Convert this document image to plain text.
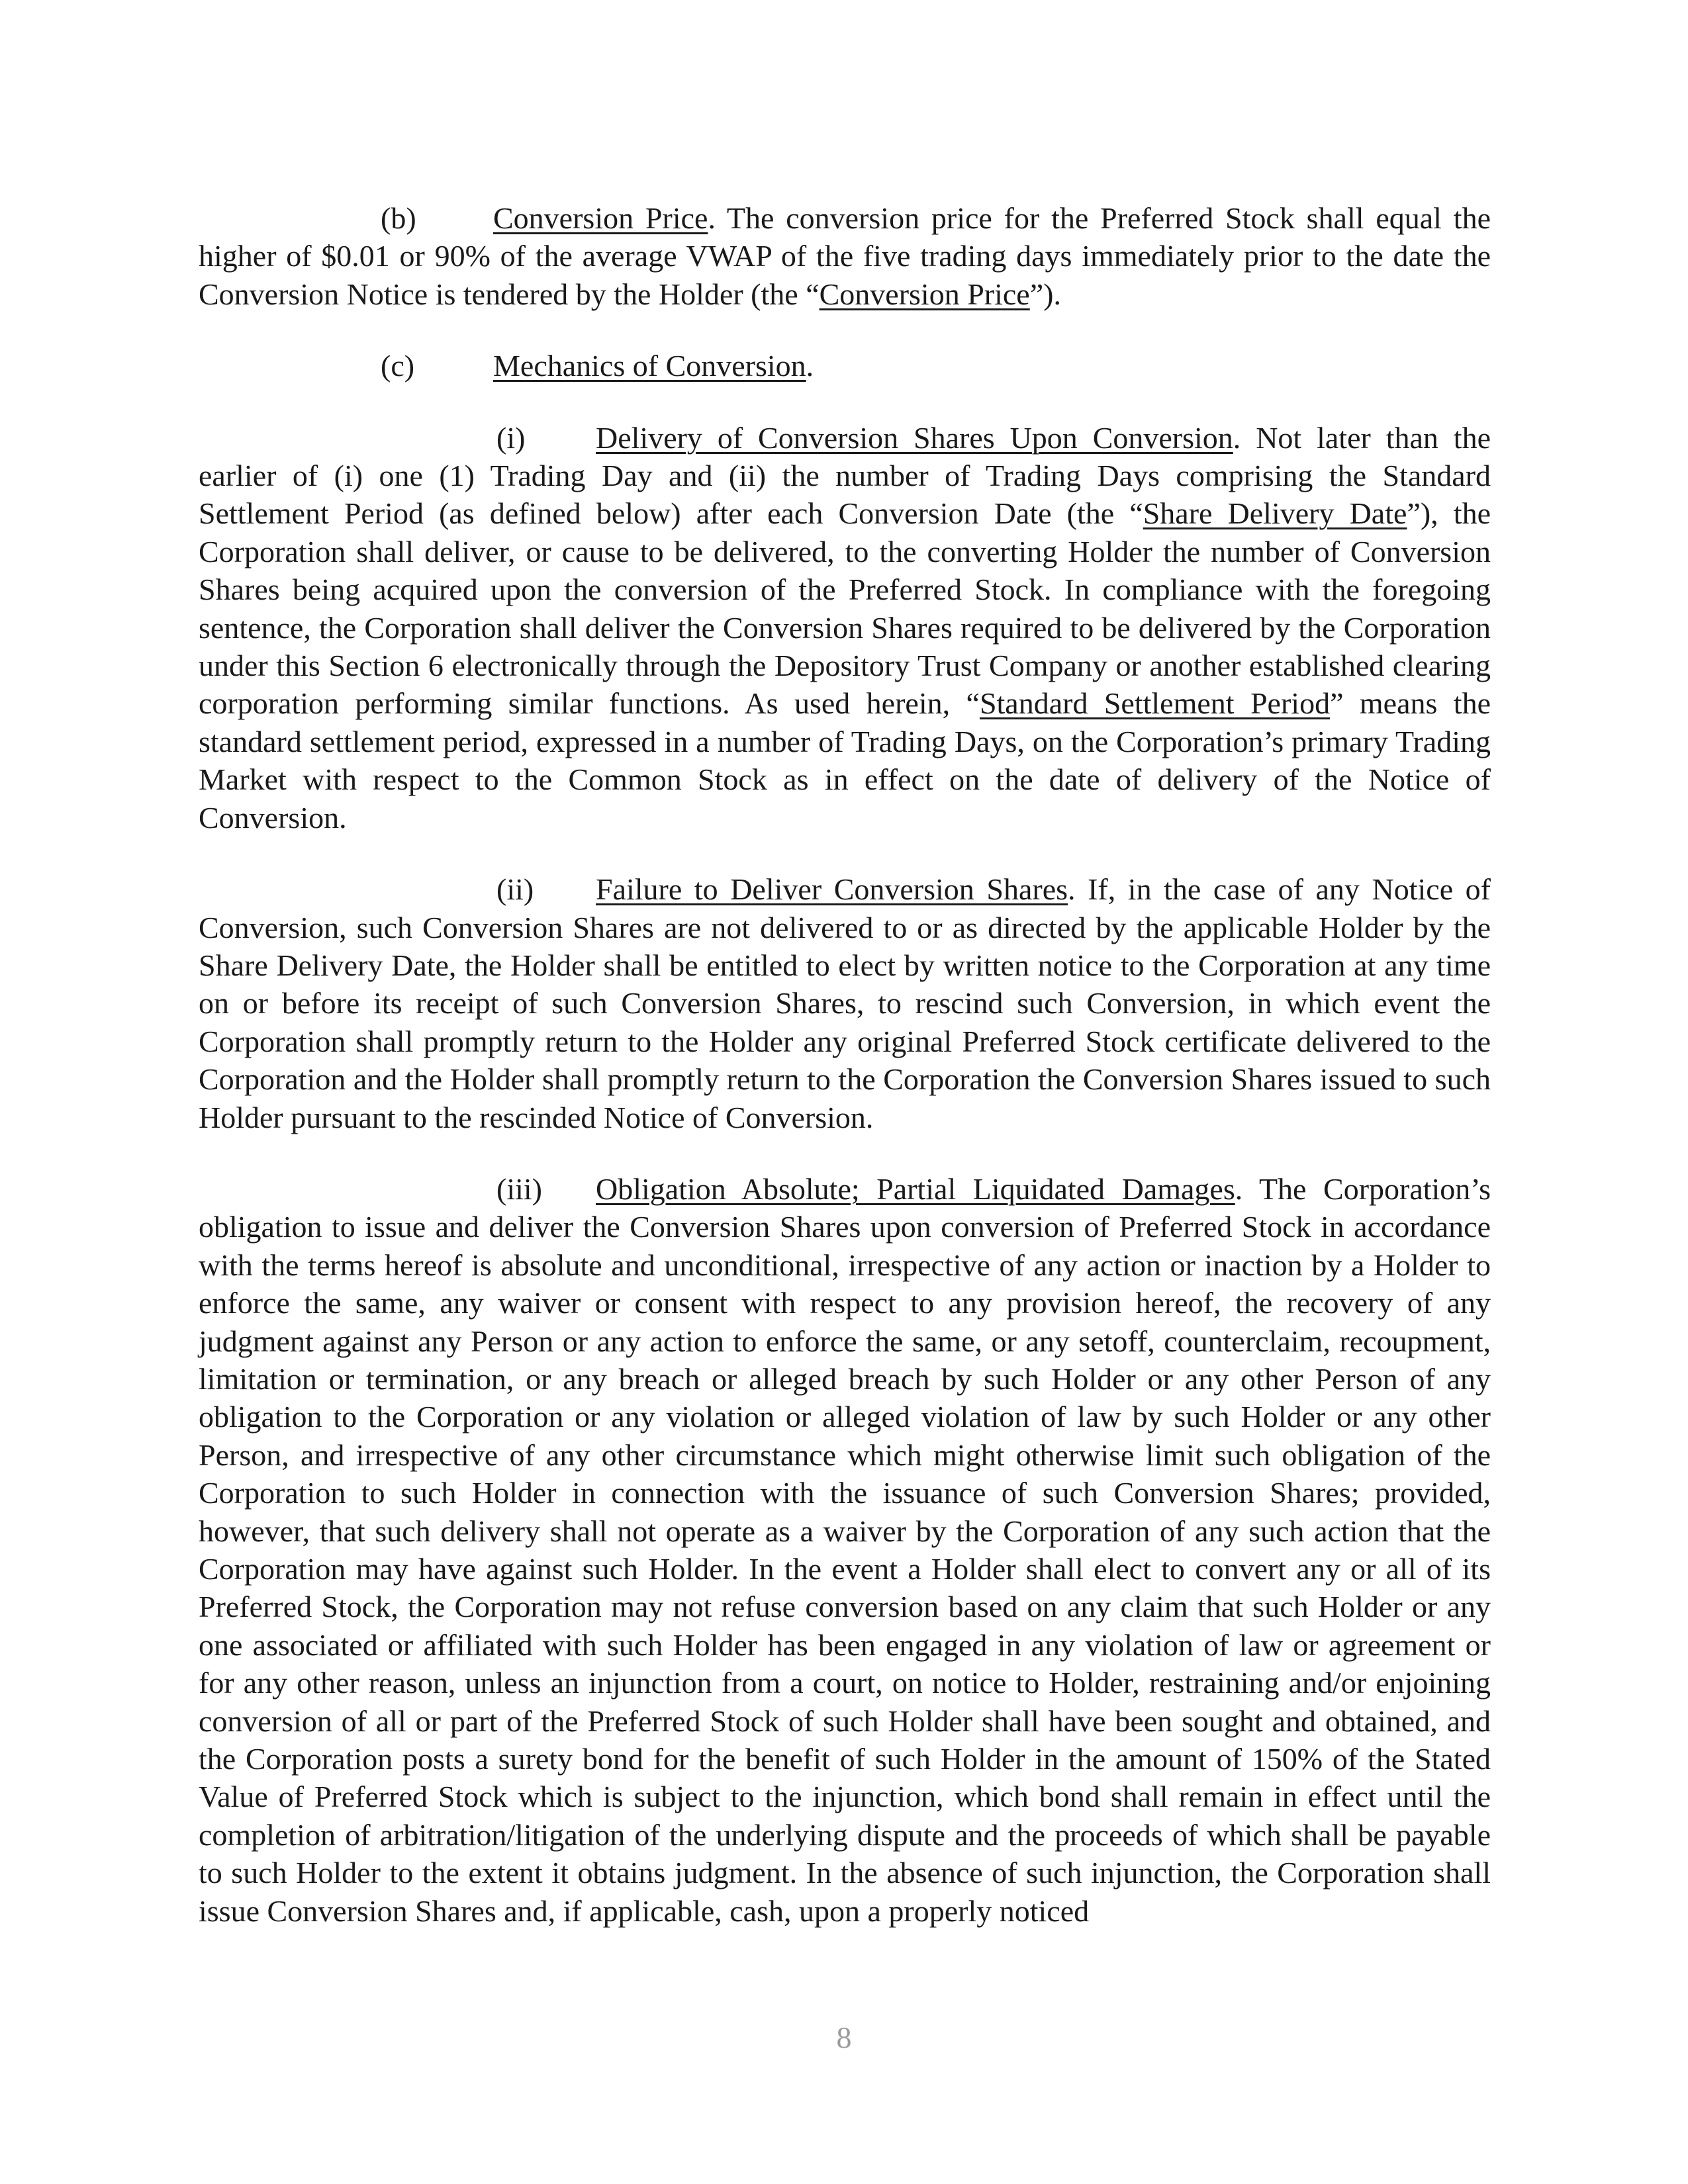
(b)	Conversion Price. The conversion price for the Preferred Stock shall equal the higher of $0.01 or 90% of the average VWAP of the five trading days immediately prior to the date the Conversion Notice is tendered by the Holder (the “Conversion Price”).

(c)	Mechanics of Conversion.

(i) Delivery of Conversion Shares Upon Conversion. Not later than the earlier of (i) one (1) Trading Day and (ii) the number of Trading Days comprising the Standard Settlement Period (as defined below) after each Conversion Date (the “Share Delivery Date”), the Corporation shall deliver, or cause to be delivered, to the converting Holder the number of Conversion Shares being acquired upon the conversion of the Preferred Stock. In compliance with the foregoing sentence, the Corporation shall deliver the Conversion Shares required to be delivered by the Corporation under this Section 6 electronically through the Depository Trust Company or another established clearing corporation performing similar functions. As used herein, “Standard Settlement Period” means the standard settlement period, expressed in a number of Trading Days, on the Corporation’s primary Trading Market with respect to the Common Stock as in effect on the date of delivery of the Notice of Conversion.

(ii) Failure to Deliver Conversion Shares. If, in the case of any Notice of Conversion, such Conversion Shares are not delivered to or as directed by the applicable Holder by the Share Delivery Date, the Holder shall be entitled to elect by written notice to the Corporation at any time on or before its receipt of such Conversion Shares, to rescind such Conversion, in which event the Corporation shall promptly return to the Holder any original Preferred Stock certificate delivered to the Corporation and the Holder shall promptly return to the Corporation the Conversion Shares issued to such Holder pursuant to the rescinded Notice of Conversion.

(iii) Obligation Absolute; Partial Liquidated Damages. The Corporation’s obligation to issue and deliver the Conversion Shares upon conversion of Preferred Stock in accordance with the terms hereof is absolute and unconditional, irrespective of any action or inaction by a Holder to enforce the same, any waiver or consent with respect to any provision hereof, the recovery of any judgment against any Person or any action to enforce the same, or any setoff, counterclaim, recoupment, limitation or termination, or any breach or alleged breach by such Holder or any other Person of any obligation to the Corporation or any violation or alleged violation of law by such Holder or any other Person, and irrespective of any other circumstance which might otherwise limit such obligation of the Corporation to such Holder in connection with the issuance of such Conversion Shares; provided, however, that such delivery shall not operate as a waiver by the Corporation of any such action that the Corporation may have against such Holder. In the event a Holder shall elect to convert any or all of its Preferred Stock, the Corporation may not refuse conversion based on any claim that such Holder or any one associated or affiliated with such Holder has been engaged in any violation of law or agreement or for any other reason, unless an injunction from a court, on notice to Holder, restraining and/or enjoining conversion of all or part of the Preferred Stock of such Holder shall have been sought and obtained, and the Corporation posts a surety bond for the benefit of such Holder in the amount of 150% of the Stated Value of Preferred Stock which is subject to the injunction, which bond shall remain in effect until the completion of arbitration/litigation of the underlying dispute and the proceeds of which shall be payable to such Holder to the extent it obtains judgment. In the absence of such injunction, the Corporation shall issue Conversion Shares and, if applicable, cash, upon a properly noticed

8
